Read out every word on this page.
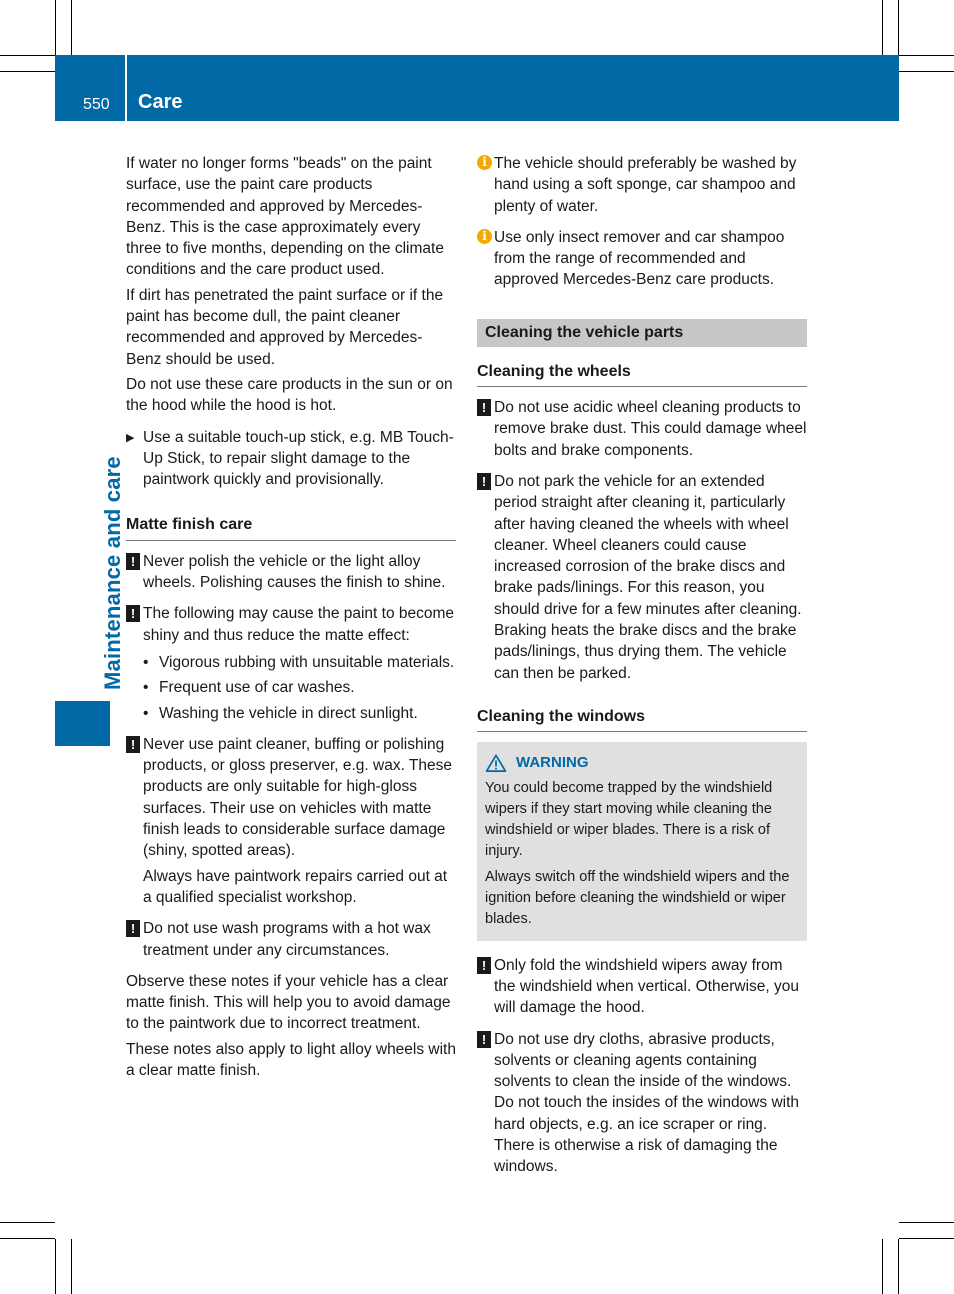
550 Care
Maintenance and care

If water no longer forms "beads" on the paint surface, use the paint care products recommended and approved by Mercedes-Benz. This is the case approximately every three to five months, depending on the climate conditions and the care product used.

If dirt has penetrated the paint surface or if the paint has become dull, the paint cleaner recommended and approved by Mercedes-Benz should be used.

Do not use these care products in the sun or on the hood while the hood is hot.

▶ Use a suitable touch-up stick, e.g. MB Touch-Up Stick, to repair slight damage to the paintwork quickly and provisionally.
Matte finish care
! Never polish the vehicle or the light alloy wheels. Polishing causes the finish to shine.
! The following may cause the paint to become shiny and thus reduce the matte effect:
• Vigorous rubbing with unsuitable materials.
• Frequent use of car washes.
• Washing the vehicle in direct sunlight.
! Never use paint cleaner, buffing or polishing products, or gloss preserver, e.g. wax. These products are only suitable for high-gloss surfaces. Their use on vehicles with matte finish leads to considerable surface damage (shiny, spotted areas).

Always have paintwork repairs carried out at a qualified specialist workshop.

! Do not use wash programs with a hot wax treatment under any circumstances.

Observe these notes if your vehicle has a clear matte finish. This will help you to avoid damage to the paintwork due to incorrect treatment.

These notes also apply to light alloy wheels with a clear matte finish.

i The vehicle should preferably be washed by hand using a soft sponge, car shampoo and plenty of water.
i Use only insect remover and car shampoo from the range of recommended and approved Mercedes-Benz care products.
Cleaning the vehicle parts
Cleaning the wheels
! Do not use acidic wheel cleaning products to remove brake dust. This could damage wheel bolts and brake components.
! Do not park the vehicle for an extended period straight after cleaning it, particularly after having cleaned the wheels with wheel cleaner. Wheel cleaners could cause increased corrosion of the brake discs and brake pads/linings. For this reason, you should drive for a few minutes after cleaning. Braking heats the brake discs and the brake pads/linings, thus drying them. The vehicle can then be parked.
Cleaning the windows
WARNING

You could become trapped by the windshield wipers if they start moving while cleaning the windshield or wiper blades. There is a risk of injury.

Always switch off the windshield wipers and the ignition before cleaning the windshield or wiper blades.

! Only fold the windshield wipers away from the windshield when vertical. Otherwise, you will damage the hood.
! Do not use dry cloths, abrasive products, solvents or cleaning agents containing solvents to clean the inside of the windows. Do not touch the insides of the windows with hard objects, e.g. an ice scraper or ring. There is otherwise a risk of damaging the windows.
